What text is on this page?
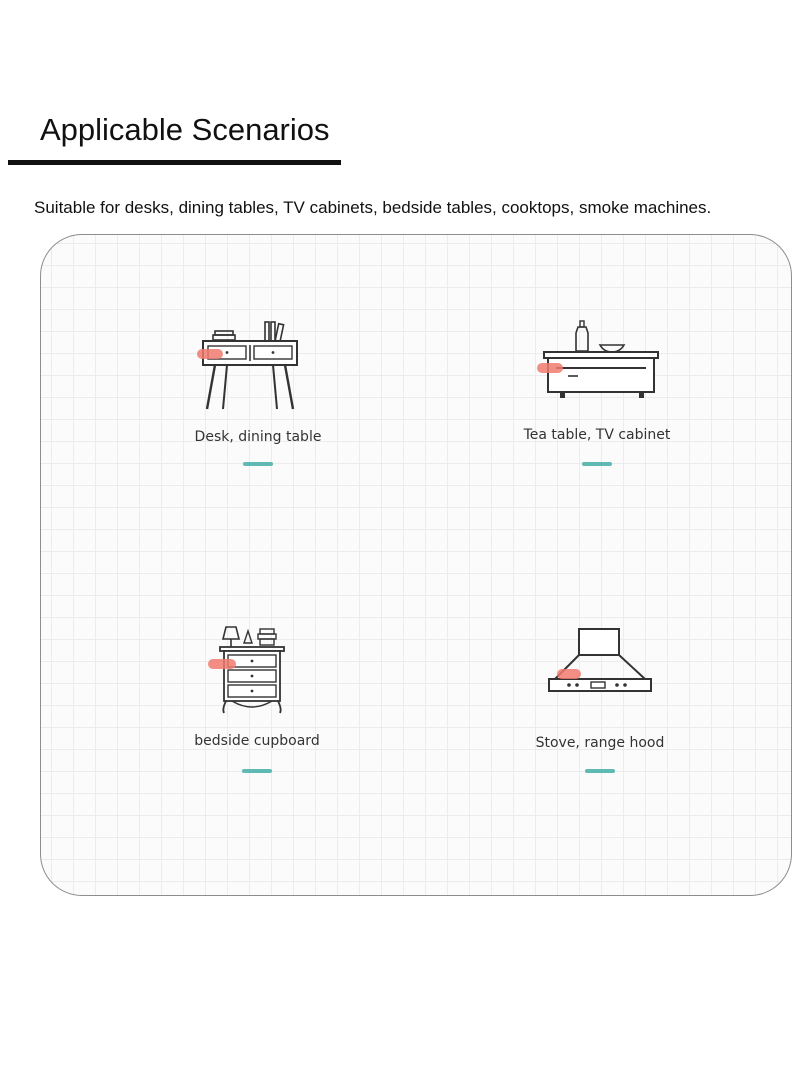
Applicable Scenarios

Suitable for desks, dining tables, TV cabinets, bedside tables, cooktops, smoke machines.

Desk, dining table	Tea table, TV cabinet
bedside cupboard	Stove, range hood
